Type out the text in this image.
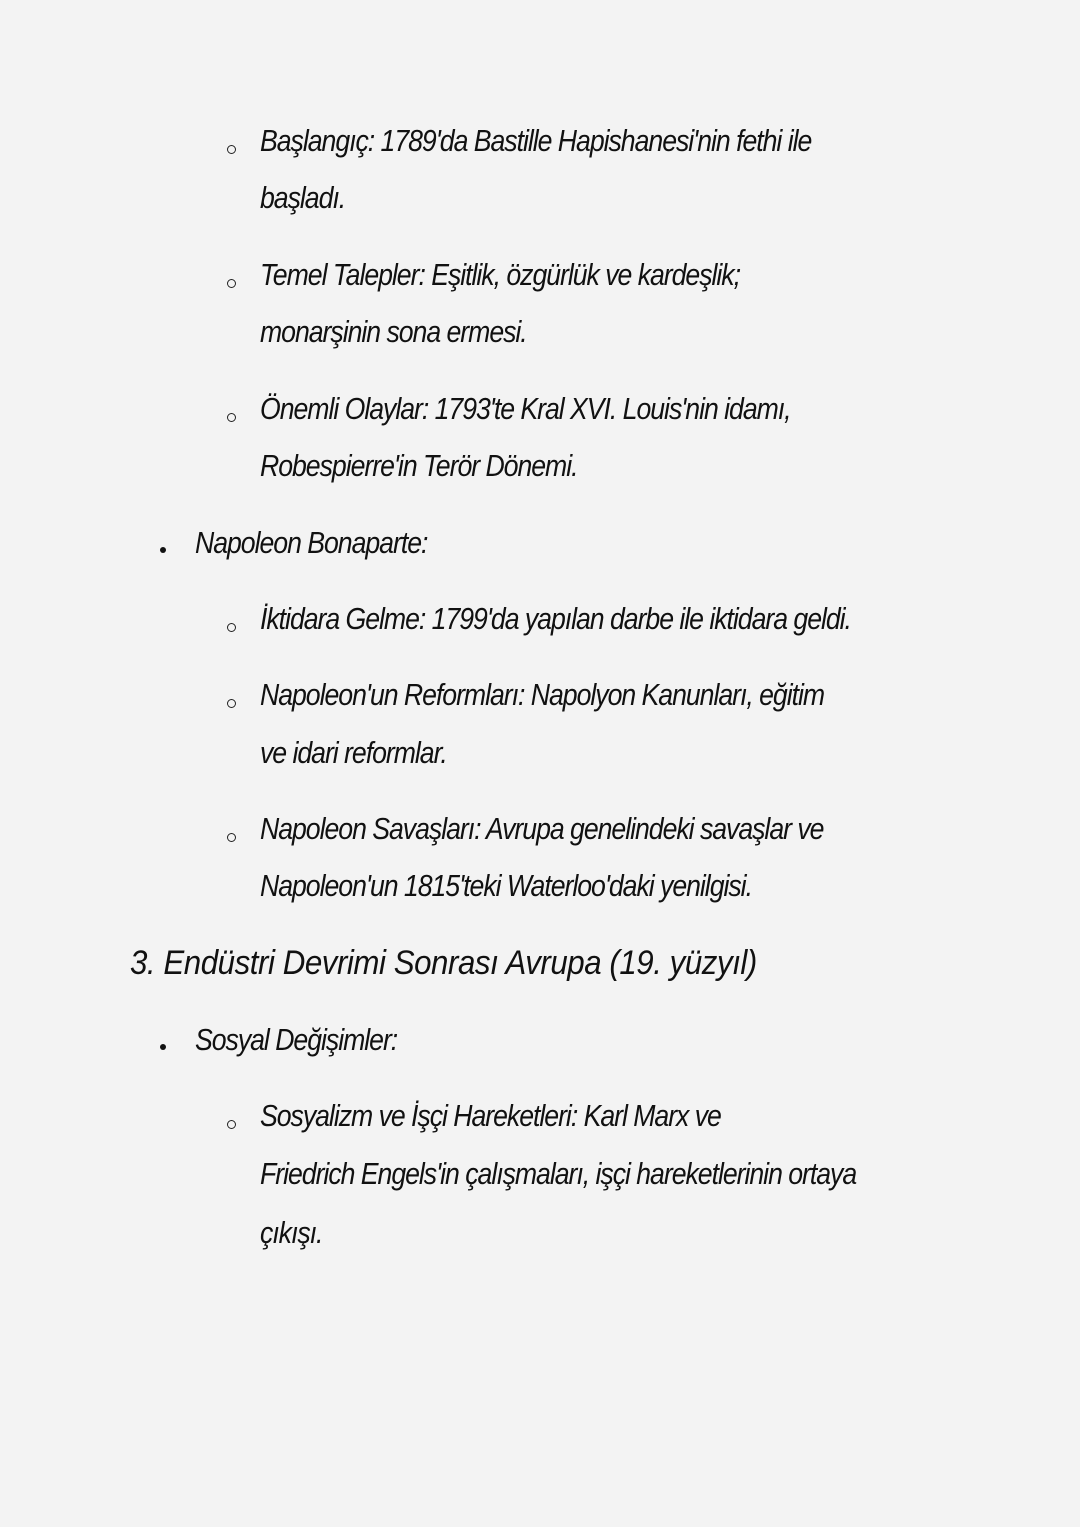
Başlangıç: 1789'da Bastille Hapishanesi'nin fethi ile
başladı.
Temel Talepler: Eşitlik, özgürlük ve kardeşlik;
monarşinin sona ermesi.
Önemli Olaylar: 1793'te Kral XVI. Louis'nin idamı,
Robespierre'in Terör Dönemi.
Napoleon Bonaparte:
İktidara Gelme: 1799'da yapılan darbe ile iktidara geldi.
Napoleon'un Reformları: Napolyon Kanunları, eğitim
ve idari reformlar.
Napoleon Savaşları: Avrupa genelindeki savaşlar ve
Napoleon'un 1815'teki Waterloo'daki yenilgisi.
3. Endüstri Devrimi Sonrası Avrupa (19. yüzyıl)
Sosyal Değişimler:
Sosyalizm ve İşçi Hareketleri: Karl Marx ve
Friedrich Engels'in çalışmaları, işçi hareketlerinin ortaya
çıkışı.
